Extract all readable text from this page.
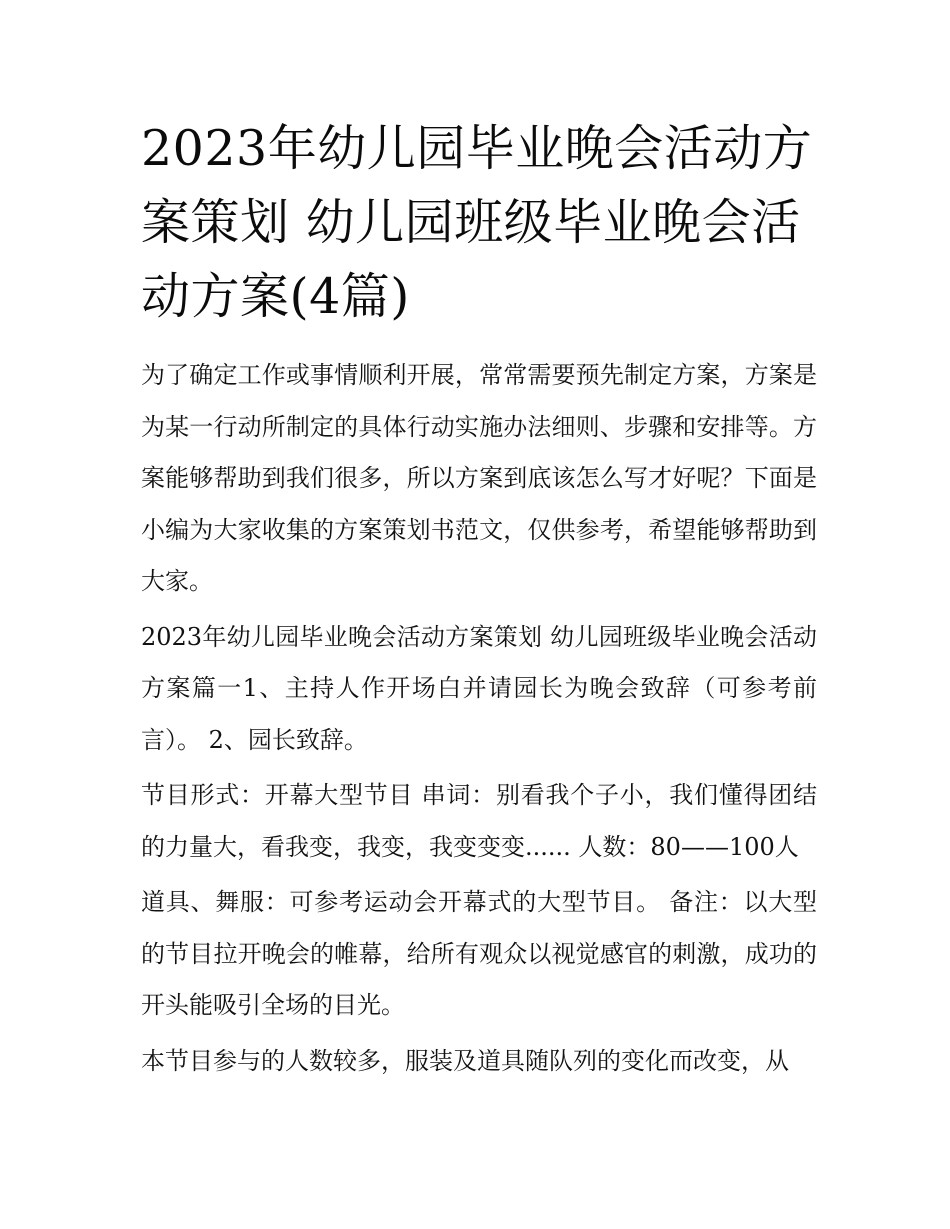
2023年幼儿园毕业晚会活动方案策划 幼儿园班级毕业晚会活动方案(4篇)

为了确定工作或事情顺利开展，常常需要预先制定方案，方案是为某一行动所制定的具体行动实施办法细则、步骤和安排等。方案能够帮助到我们很多，所以方案到底该怎么写才好呢？下面是小编为大家收集的方案策划书范文，仅供参考，希望能够帮助到大家。

2023年幼儿园毕业晚会活动方案策划 幼儿园班级毕业晚会活动方案篇一1、主持人作开场白并请园长为晚会致辞（可参考前言）。 2、园长致辞。

节目形式：开幕大型节目 串词：别看我个子小，我们懂得团结的力量大，看我变，我变，我变变变...... 人数：80——100人

道具、舞服：可参考运动会开幕式的大型节目。 备注：以大型的节目拉开晚会的帷幕，给所有观众以视觉感官的刺激，成功的开头能吸引全场的目光。

本节目参与的人数较多，服装及道具随队列的变化而改变，从
